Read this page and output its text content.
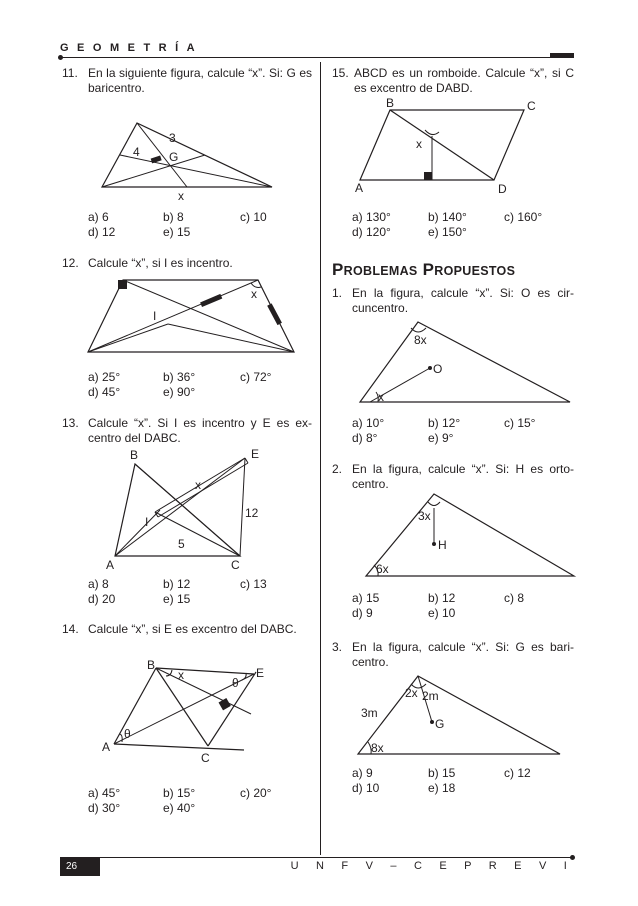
GEOMETRÍA
11. En la siguiente figura, calcule “x”. Si: G es baricentro.
4
3
G
x
a) 6	b) 8	c) 10
d) 12	e) 15
12. Calcule “x”, si I es incentro.
I
x
a) 25°	b) 36°	c) 72°
d) 45°	e) 90°
13. Calcule “x”. Si I es incentro y E es ex-centro del DABC.
B	E
x
12
I
5
A	C
a) 8	b) 12	c) 13
d) 20	e) 15
14. Calcule “x”, si E es excentro del DABC.
B
x
θ
E
A
θ
C
a) 45°	b) 15°	c) 20°
d) 30°	e) 40°
15. ABCD es un romboide. Calcule “x”, si C es excentro de DABD.
B	C
x
A	D
a) 130°	b) 140°	c) 160°
d) 120°	e) 150°
PROBLEMAS PROPUESTOS
1. En la figura, calcule “x”. Si: O es cir-cuncentro.
8x
O
x
a) 10°	b) 12°	c) 15°
d) 8°	e) 9°
2. En la figura, calcule “x”. Si: H es orto-centro.
3x
H
6x
a) 15	b) 12	c) 8
d) 9	e) 10
3. En la figura, calcule “x”. Si: G es bari-centro.
2x 2m
3m
G
8x
a) 9	b) 15	c) 12
d) 10	e) 18
26	U N F V – C E P R E V I
